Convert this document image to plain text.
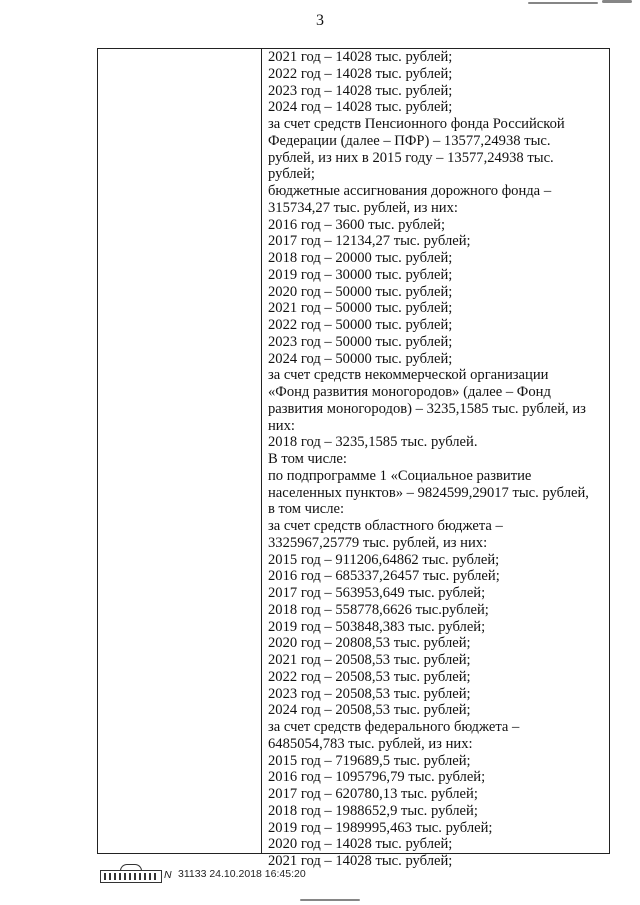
3
2021 год – 14028 тыс. рублей;
2022 год – 14028 тыс. рублей;
2023 год – 14028 тыс. рублей;
2024 год – 14028 тыс. рублей;
за счет средств Пенсионного фонда Российской
Федерации (далее – ПФР) – 13577,24938 тыс.
рублей, из них в 2015 году – 13577,24938 тыс.
рублей;
бюджетные ассигнования дорожного фонда –
315734,27 тыс. рублей, из них:
2016 год – 3600 тыс. рублей;
2017 год – 12134,27 тыс. рублей;
2018 год – 20000 тыс. рублей;
2019 год – 30000 тыс. рублей;
2020 год – 50000 тыс. рублей;
2021 год – 50000 тыс. рублей;
2022 год – 50000 тыс. рублей;
2023 год – 50000 тыс. рублей;
2024 год – 50000 тыс. рублей;
за счет средств некоммерческой организации
«Фонд развития моногородов» (далее – Фонд
развития моногородов) – 3235,1585 тыс. рублей, из
них:
2018 год – 3235,1585 тыс. рублей.
В том числе:
по подпрограмме 1 «Социальное развитие
населенных пунктов» – 9824599,29017 тыс. рублей,
в том числе:
за счет средств областного бюджета –
3325967,25779 тыс. рублей, из них:
2015 год – 911206,64862 тыс. рублей;
2016 год – 685337,26457 тыс. рублей;
2017 год – 563953,649 тыс. рублей;
2018 год – 558778,6626 тыс.рублей;
2019 год – 503848,383 тыс. рублей;
2020 год – 20808,53 тыс. рублей;
2021 год – 20508,53 тыс. рублей;
2022 год – 20508,53 тыс. рублей;
2023 год – 20508,53 тыс. рублей;
2024 год – 20508,53 тыс. рублей;
за счет средств федерального бюджета –
6485054,783 тыс. рублей, из них:
2015 год – 719689,5 тыс. рублей;
2016 год – 1095796,79 тыс. рублей;
2017 год – 620780,13 тыс. рублей;
2018 год – 1988652,9 тыс. рублей;
2019 год – 1989995,463 тыс. рублей;
2020 год – 14028 тыс. рублей;
2021 год – 14028 тыс. рублей;
N 31133 24.10.2018 16:45:20
